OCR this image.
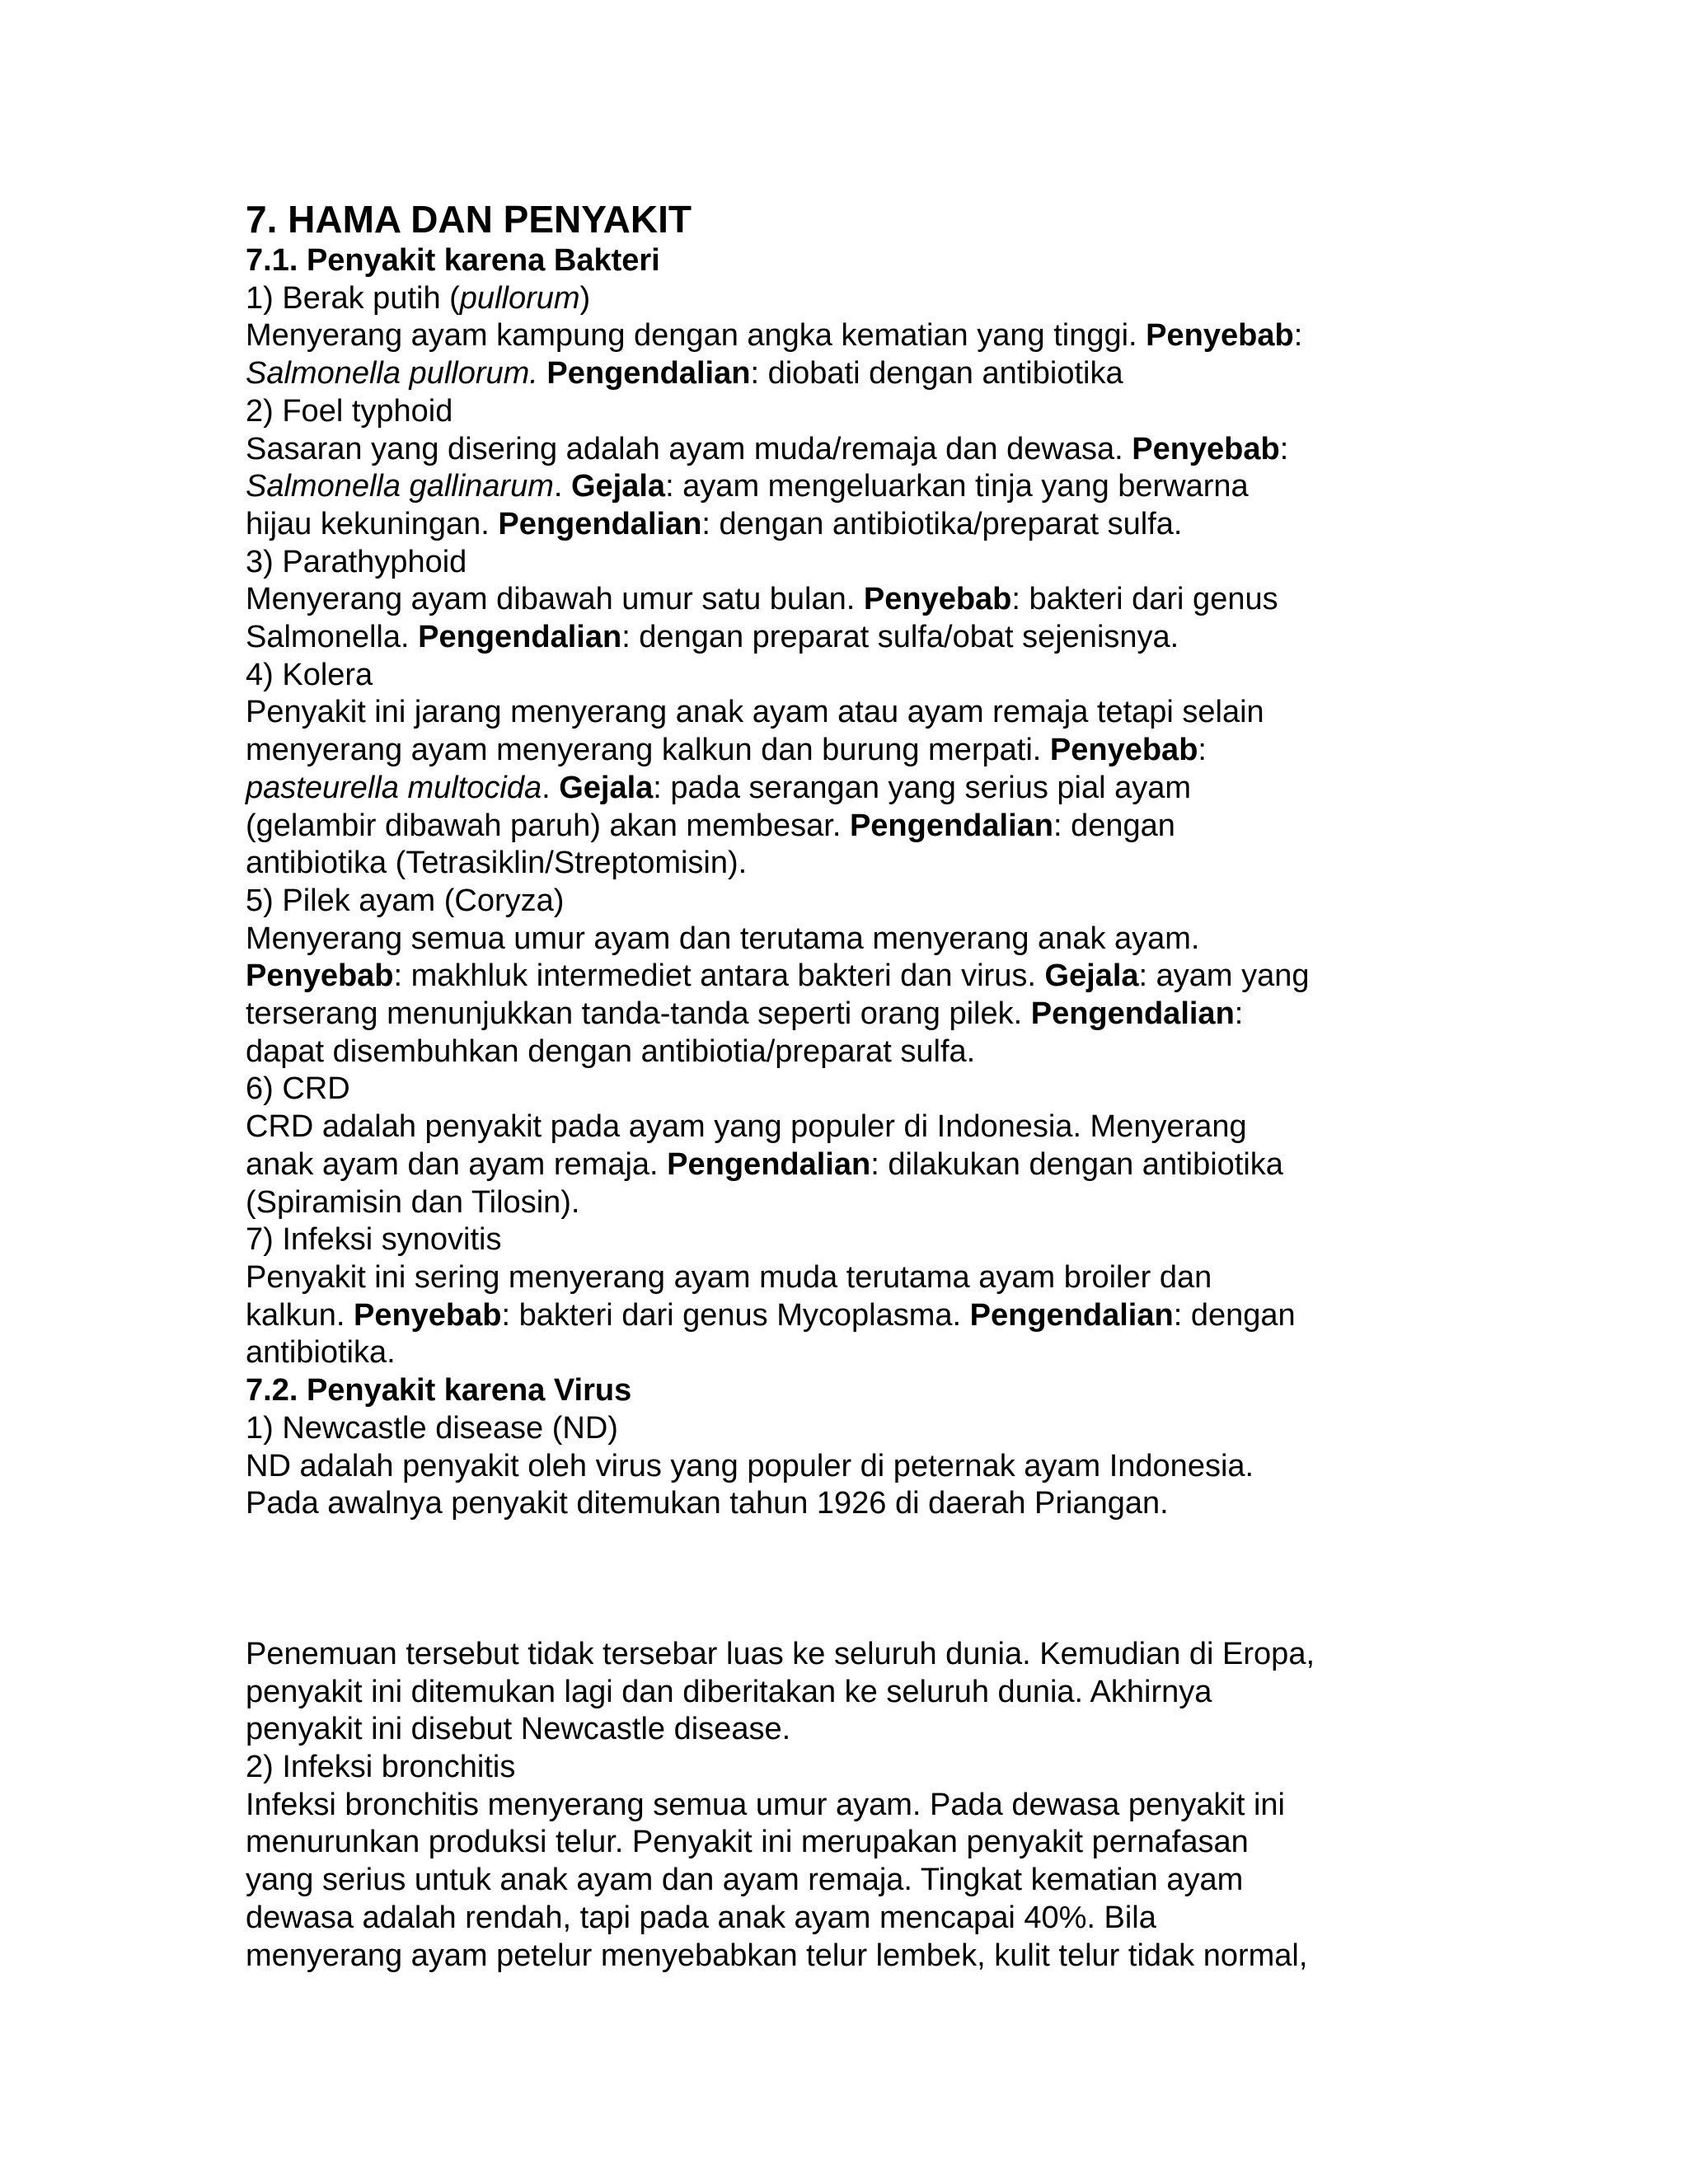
7. HAMA DAN PENYAKIT

7.1. Penyakit karena Bakteri

1) Berak putih (pullorum)

Menyerang ayam kampung dengan angka kematian yang tinggi. Penyebab:

Salmonella pullorum. Pengendalian: diobati dengan antibiotika

2) Foel typhoid

Sasaran yang disering adalah ayam muda/remaja dan dewasa. Penyebab:

Salmonella gallinarum. Gejala: ayam mengeluarkan tinja yang berwarna

hijau kekuningan. Pengendalian: dengan antibiotika/preparat sulfa.

3) Parathyphoid

Menyerang ayam dibawah umur satu bulan. Penyebab: bakteri dari genus

Salmonella. Pengendalian: dengan preparat sulfa/obat sejenisnya.

4) Kolera

Penyakit ini jarang menyerang anak ayam atau ayam remaja tetapi selain

menyerang ayam menyerang kalkun dan burung merpati. Penyebab:

pasteurella multocida. Gejala: pada serangan yang serius pial ayam

(gelambir dibawah paruh) akan membesar. Pengendalian: dengan

antibiotika (Tetrasiklin/Streptomisin).

5) Pilek ayam (Coryza)

Menyerang semua umur ayam dan terutama menyerang anak ayam.

Penyebab: makhluk intermediet antara bakteri dan virus. Gejala: ayam yang

terserang menunjukkan tanda-tanda seperti orang pilek. Pengendalian:

dapat disembuhkan dengan antibiotia/preparat sulfa.

6) CRD

CRD adalah penyakit pada ayam yang populer di Indonesia. Menyerang

anak ayam dan ayam remaja. Pengendalian: dilakukan dengan antibiotika

(Spiramisin dan Tilosin).

7) Infeksi synovitis

Penyakit ini sering menyerang ayam muda terutama ayam broiler dan

kalkun. Penyebab: bakteri dari genus Mycoplasma. Pengendalian: dengan

antibiotika.

7.2. Penyakit karena Virus

1) Newcastle disease (ND)

ND adalah penyakit oleh virus yang populer di peternak ayam Indonesia.

Pada awalnya penyakit ditemukan tahun 1926 di daerah Priangan.

Penemuan tersebut tidak tersebar luas ke seluruh dunia. Kemudian di Eropa,

penyakit ini ditemukan lagi dan diberitakan ke seluruh dunia. Akhirnya

penyakit ini disebut Newcastle disease.

2) Infeksi bronchitis

Infeksi bronchitis menyerang semua umur ayam. Pada dewasa penyakit ini

menurunkan produksi telur. Penyakit ini merupakan penyakit pernafasan

yang serius untuk anak ayam dan ayam remaja. Tingkat kematian ayam

dewasa adalah rendah, tapi pada anak ayam mencapai 40%. Bila

menyerang ayam petelur menyebabkan telur lembek, kulit telur tidak normal,
